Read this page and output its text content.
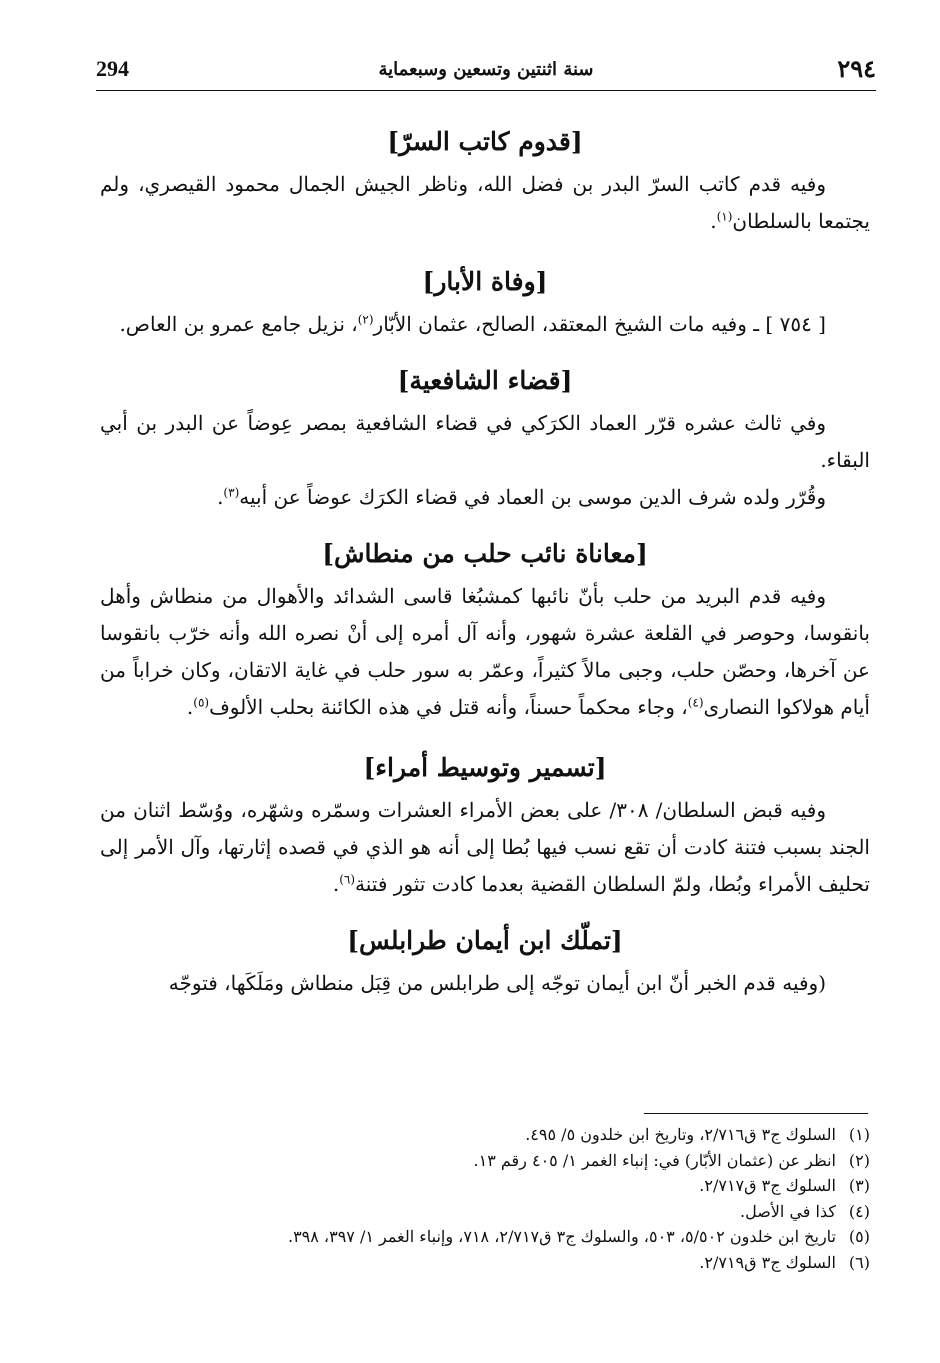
294	سنة اثنتين وتسعين وسبعماية	٢٩٤
[قدوم كاتب السرّ]

وفيه قدم كاتب السرّ البدر بن فضل الله، وناظر الجيش الجمال محمود القيصري، ولم يجتمعا بالسلطان$^{(١)}$.

[وفاة الأبار]

[ ٧٥٤ ] ـ وفيه مات الشيخ المعتقد، الصالح، عثمان الأبّار$^{(٢)}$، نزيل جامع عمرو بن العاص.

[قضاء الشافعية]

وفي ثالث عشره قرّر العماد الكرَكي في قضاء الشافعية بمصر عِوضاً عن البدر بن أبي البقاء.

وقُرّر ولده شرف الدين موسى بن العماد في قضاء الكرَك عوضاً عن أبيه$^{(٣)}$.

[معاناة نائب حلب من منطاش]

وفيه قدم البريد من حلب بأنّ نائبها كمشبُغا قاسى الشدائد والأهوال من منطاش وأهل بانقوسا، وحوصر في القلعة عشرة شهور، وأنه آل أمره إلى أنْ نصره الله وأنه خرّب بانقوسا عن آخرها، وحصّن حلب، وجبى مالاً كثيراً، وعمّر به سور حلب في غاية الاتقان، وكان خراباً من أيام هولاكوا النصارى$^{(٤)}$، وجاء محكماً حسناً، وأنه قتل في هذه الكائنة بحلب الألوف$^{(٥)}$.

[تسمير وتوسيط أمراء]

وفيه قبض السلطان/ ٣٠٨/ على بعض الأمراء العشرات وسمّره وشهّره، ووُسّط اثنان من الجند بسبب فتنة كادت أن تقع نسب فيها بُطا إلى أنه هو الذي في قصده إثارتها، وآل الأمر إلى تحليف الأمراء وبُطا، ولمّ السلطان القضية بعدما كادت تثور فتنة$^{(٦)}$.

[تملّك ابن أيمان طرابلس]

(وفيه قدم الخبر أنّ ابن أيمان توجّه إلى طرابلس من قِبَل منطاش ومَلَكَها، فتوجّه

(١)
السلوك ج٣ ق٢/٧١٦، وتاريخ ابن خلدون ٥/ ٤٩٥.
(٢)
انظر عن (عثمان الأبّار) في: إنباء الغمر ١/ ٤٠٥ رقم ١٣.
(٣)
السلوك ج٣ ق٢/٧١٧.
(٤)
كذا في الأصل.
(٥)
تاريخ ابن خلدون ٥/٥٠٢، ٥٠٣، والسلوك ج٣ ق٢/٧١٧، ٧١٨، وإنباء الغمر ١/ ٣٩٧، ٣٩٨.
(٦)
السلوك ج٣ ق٢/٧١٩.
